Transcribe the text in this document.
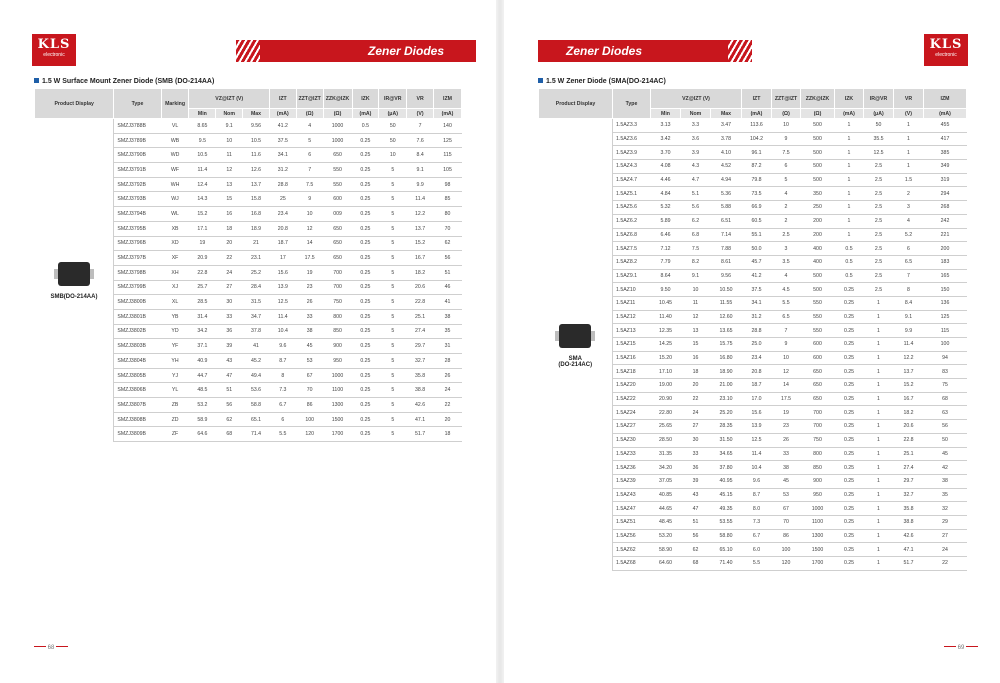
KLS
electronic	Zener Diodes
1.5 W Surface Mount Zener Diode (SMB (DO-214AA)
Product Display	Type	Marking	VZ@IZT (V)			IZT	ZZT@IZT	ZZK@IZK	IZK	IR@VR	VR	IZM
			Min	Nom	Max	(mA)	(Ω)	(Ω)	(mA)	(μA)	(V)	(mA)

SMB(DO-214AA)	SMZJ3788B	VL	8.65	9.1	9.56	41.2	4	1000	0.5	50	7	140
	SMZJ3789B	WB	9.5	10	10.5	37.5	5	1000	0.25	50	7.6	125
	SMZJ3790B	WD	10.5	11	11.6	34.1	6	650	0.25	10	8.4	115
	SMZJ3791B	WF	11.4	12	12.6	31.2	7	550	0.25	5	9.1	105
	SMZJ3792B	WH	12.4	13	13.7	28.8	7.5	550	0.25	5	9.9	98
	SMZJ3793B	WJ	14.3	15	15.8	25	9	600	0.25	5	11.4	85
	SMZJ3794B	WL	15.2	16	16.8	23.4	10	009	0.25	5	12.2	80
	SMZJ3795B	XB	17.1	18	18.9	20.8	12	650	0.25	5	13.7	70
	SMZJ3796B	XD	19	20	21	18.7	14	650	0.25	5	15.2	62
	SMZJ3797B	XF	20.9	22	23.1	17	17.5	650	0.25	5	16.7	56
	SMZJ3798B	XH	22.8	24	25.2	15.6	19	700	0.25	5	18.2	51
	SMZJ3799B	XJ	25.7	27	28.4	13.9	23	700	0.25	5	20.6	46
	SMZJ3800B	XL	28.5	30	31.5	12.5	26	750	0.25	5	22.8	41
	SMZJ3801B	YB	31.4	33	34.7	11.4	33	800	0.25	5	25.1	38
	SMZJ3802B	YD	34.2	36	37.8	10.4	38	850	0.25	5	27.4	35
	SMZJ3803B	YF	37.1	39	41	9.6	45	900	0.25	5	29.7	31
	SMZJ3804B	YH	40.9	43	45.2	8.7	53	950	0.25	5	32.7	28
	SMZJ3805B	YJ	44.7	47	49.4	8	67	1000	0.25	5	35.8	26
	SMZJ3806B	YL	48.5	51	53.6	7.3	70	1100	0.25	5	38.8	24
	SMZJ3807B	ZB	53.2	56	58.8	6.7	86	1300	0.25	5	42.6	22
	SMZJ3808B	ZD	58.9	62	65.1	6	100	1500	0.25	5	47.1	20
	SMZJ3809B	ZF	64.6	68	71.4	5.5	120	1700	0.25	5	51.7	18
68
Zener Diodes	KLS
electronic
1.5 W Zener Diode (SMA(DO-214AC)
Product Display	Type	VZ@IZT (V)			IZT	ZZT@IZT	ZZK@IZK	IZK	IR@VR	VR	IZM
		Min	Nom	Max	(mA)	(Ω)	(Ω)	(mA)	(μA)	(V)	(mA)

SMA
(DO-214AC)	1.5AZ3.3	3.13	3.3	3.47	113.6	10	500	1	50	1	455
	1.5AZ3.6	3.42	3.6	3.78	104.2	9	500	1	35.5	1	417
	1.5AZ3.9	3.70	3.9	4.10	96.1	7.5	500	1	12.5	1	385
	1.5AZ4.3	4.08	4.3	4.52	87.2	6	500	1	2.5	1	349
	1.5AZ4.7	4.46	4.7	4.94	79.8	5	500	1	2.5	1.5	319
	1.5AZ5.1	4.84	5.1	5.36	73.5	4	350	1	2.5	2	294
	1.5AZ5.6	5.32	5.6	5.88	66.9	2	250	1	2.5	3	268
	1.5AZ6.2	5.89	6.2	6.51	60.5	2	200	1	2.5	4	242
	1.5AZ6.8	6.46	6.8	7.14	55.1	2.5	200	1	2.5	5.2	221
	1.5AZ7.5	7.12	7.5	7.88	50.0	3	400	0.5	2.5	6	200
	1.5AZ8.2	7.79	8.2	8.61	45.7	3.5	400	0.5	2.5	6.5	183
	1.5AZ9.1	8.64	9.1	9.56	41.2	4	500	0.5	2.5	7	165
	1.5AZ10	9.50	10	10.50	37.5	4.5	500	0.25	2.5	8	150
	1.5AZ11	10.45	11	11.55	34.1	5.5	550	0.25	1	8.4	136
	1.5AZ12	11.40	12	12.60	31.2	6.5	550	0.25	1	9.1	125
	1.5AZ13	12.35	13	13.65	28.8	7	550	0.25	1	9.9	115
	1.5AZ15	14.25	15	15.75	25.0	9	600	0.25	1	11.4	100
	1.5AZ16	15.20	16	16.80	23.4	10	600	0.25	1	12.2	94
	1.5AZ18	17.10	18	18.90	20.8	12	650	0.25	1	13.7	83
	1.5AZ20	19.00	20	21.00	18.7	14	650	0.25	1	15.2	75
	1.5AZ22	20.90	22	23.10	17.0	17.5	650	0.25	1	16.7	68
	1.5AZ24	22.80	24	25.20	15.6	19	700	0.25	1	18.2	63
	1.5AZ27	25.65	27	28.35	13.9	23	700	0.25	1	20.6	56
	1.5AZ30	28.50	30	31.50	12.5	26	750	0.25	1	22.8	50
	1.5AZ33	31.35	33	34.65	11.4	33	800	0.25	1	25.1	45
	1.5AZ36	34.20	36	37.80	10.4	38	850	0.25	1	27.4	42
	1.5AZ39	37.05	39	40.95	9.6	45	900	0.25	1	29.7	38
	1.5AZ43	40.85	43	45.15	8.7	53	950	0.25	1	32.7	35
	1.5AZ47	44.65	47	49.35	8.0	67	1000	0.25	1	35.8	32
	1.5AZ51	48.45	51	53.55	7.3	70	1100	0.25	1	38.8	29
	1.5AZ56	53.20	56	58.80	6.7	86	1300	0.25	1	42.6	27
	1.5AZ62	58.90	62	65.10	6.0	100	1500	0.25	1	47.1	24
	1.5AZ68	64.60	68	71.40	5.5	120	1700	0.25	1	51.7	22
69
